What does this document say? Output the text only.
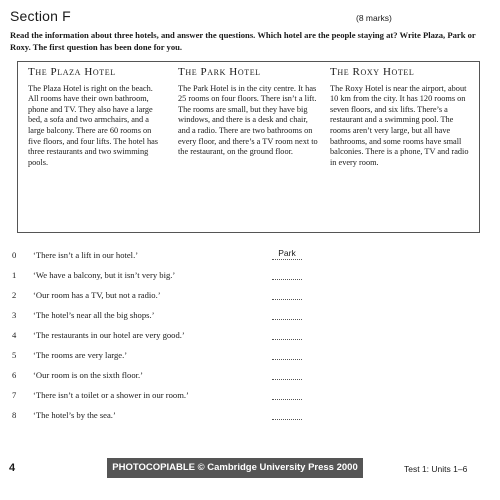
Section F	(8 marks)
Read the information about three hotels, and answer the questions. Which hotel are the people staying at? Write Plaza, Park or Roxy. The first question has been done for you.
The Plaza Hotel

The Plaza Hotel is right on the beach. All rooms have their own bathroom, phone and TV. They also have a large bed, a sofa and two armchairs, and a large balcony. There are 60 rooms on five floors, and four lifts. The hotel has three restaurants and two swimming pools.

The Park Hotel

The Park Hotel is in the city centre. It has 25 rooms on four floors. There isn’t a lift. The rooms are small, but they have big windows, and there is a desk and chair, and a radio. There are two bathrooms on every floor, and there’s a TV room next to the restaurant, on the ground floor.

The Roxy Hotel

The Roxy Hotel is near the airport, about 10 km from the city. It has 120 rooms on seven floors, and six lifts. There’s a restaurant and a swimming pool. The rooms aren’t very large, but all have bathrooms, and some rooms have small balconies. There is a phone, TV and radio in every room.

0 ‘There isn’t a lift in our hotel.’	Park
1 ‘We have a balcony, but it isn’t very big.’
2 ‘Our room has a TV, but not a radio.’
3 ‘The hotel’s near all the big shops.’
4 ‘The restaurants in our hotel are very good.’
5 ‘The rooms are very large.’
6 ‘Our room is on the sixth floor.’
7 ‘There isn’t a toilet or a shower in our room.’
8 ‘The hotel’s by the sea.’
4	PHOTOCOPIABLE © Cambridge University Press 2000	Test 1: Units 1–6
